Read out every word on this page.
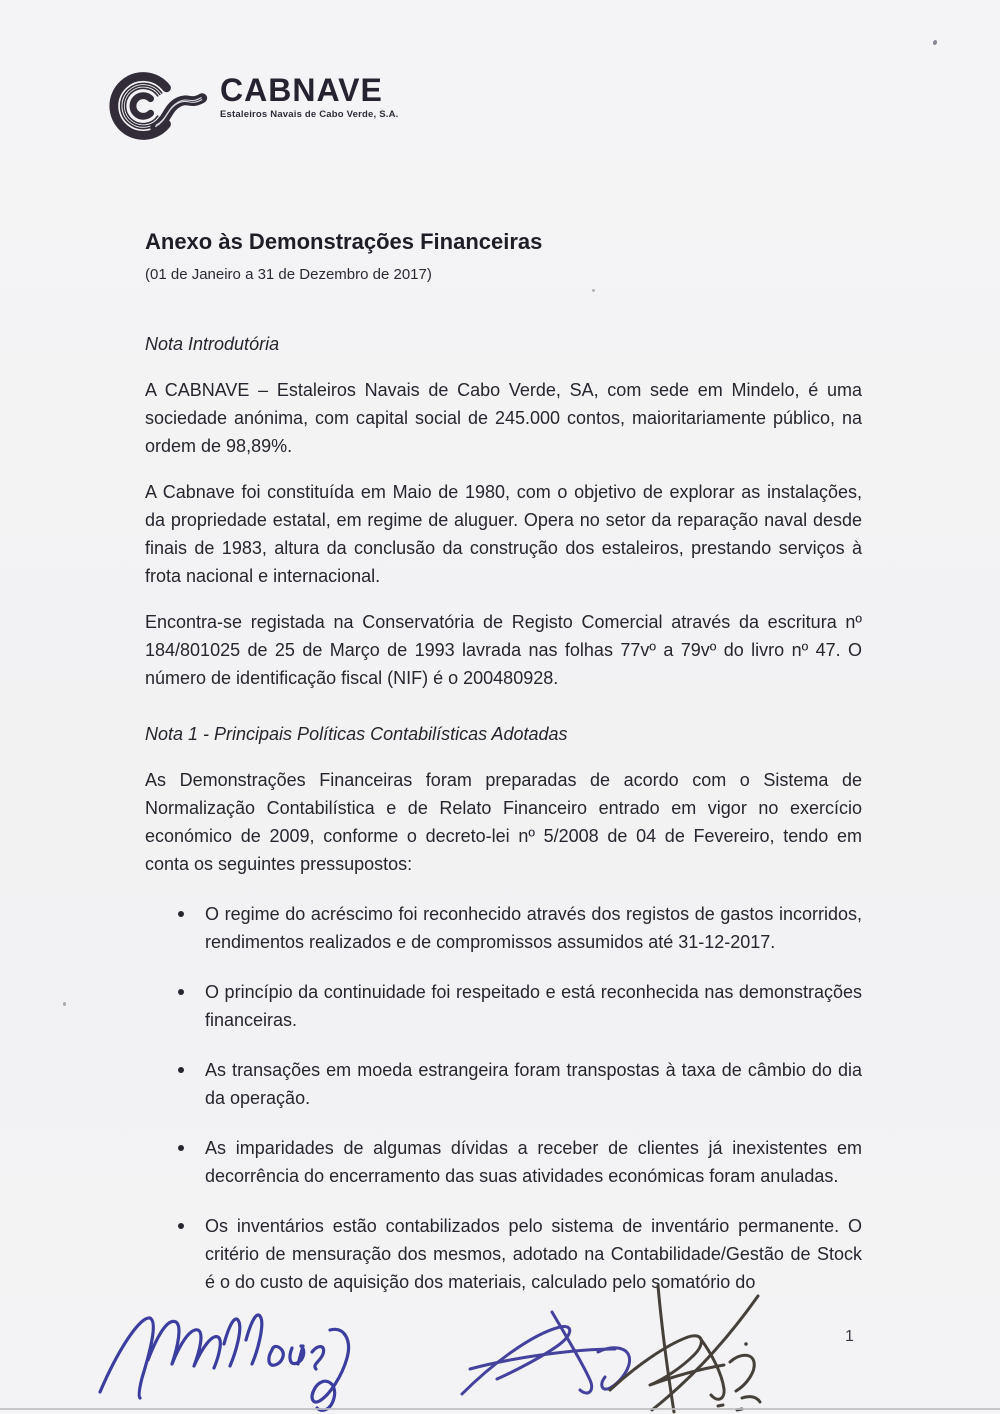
CABNAVE
Estaleiros Navais de Cabo Verde, S.A.
Anexo às Demonstrações Financeiras
(01 de Janeiro a 31 de Dezembro de 2017)
Nota Introdutória

A CABNAVE – Estaleiros Navais de Cabo Verde, SA, com sede em Mindelo, é uma sociedade anónima, com capital social de 245.000 contos, maioritariamente público, na ordem de 98,89%.

A Cabnave foi constituída em Maio de 1980, com o objetivo de explorar as instalações, da propriedade estatal, em regime de aluguer. Opera no setor da reparação naval desde finais de 1983, altura da conclusão da construção dos estaleiros, prestando serviços à frota nacional e internacional.

Encontra-se registada na Conservatória de Registo Comercial através da escritura nº 184/801025 de 25 de Março de 1993 lavrada nas folhas 77vº a 79vº do livro nº 47. O número de identificação fiscal (NIF) é o 200480928.

Nota 1 - Principais Políticas Contabilísticas Adotadas

As Demonstrações Financeiras foram preparadas de acordo com o Sistema de Normalização Contabilística e de Relato Financeiro entrado em vigor no exercício económico de 2009, conforme o decreto-lei nº 5/2008 de 04 de Fevereiro, tendo em conta os seguintes pressupostos:

O regime do acréscimo foi reconhecido através dos registos de gastos incorridos, rendimentos realizados e de compromissos assumidos até 31-12-2017.
O princípio da continuidade foi respeitado e está reconhecida nas demonstrações financeiras.
As transações em moeda estrangeira foram transpostas à taxa de câmbio do dia da operação.
As imparidades de algumas dívidas a receber de clientes já inexistentes em decorrência do encerramento das suas atividades económicas foram anuladas.
Os inventários estão contabilizados pelo sistema de inventário permanente. O critério de mensuração dos mesmos, adotado na Contabilidade/Gestão de Stock é o do custo de aquisição dos materiais, calculado pelo somatório do
1
